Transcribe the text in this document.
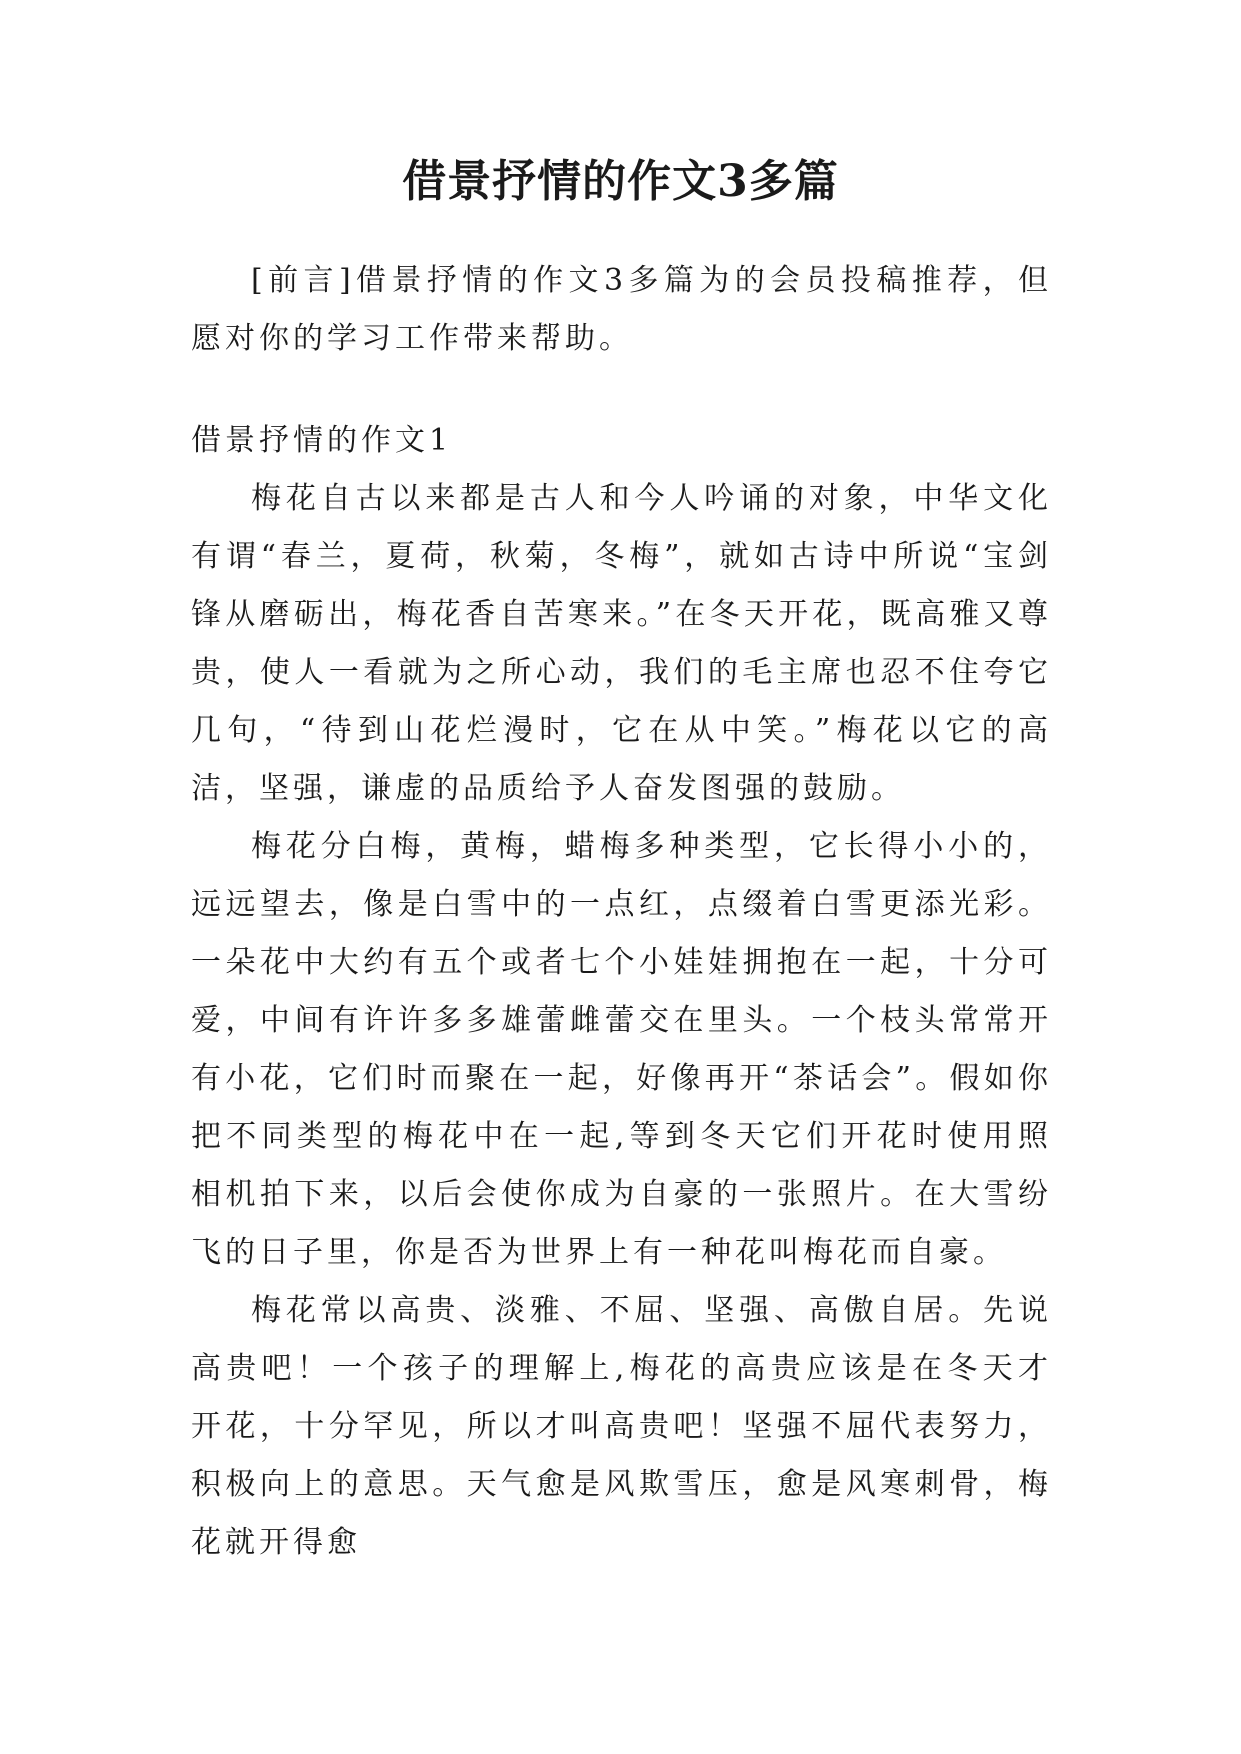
借景抒情的作文3多篇

[前言]借景抒情的作文3多篇为的会员投稿推荐，但愿对你的学习工作带来帮助。

借景抒情的作文1

梅花自古以来都是古人和今人吟诵的对象，中华文化有谓“春兰，夏荷，秋菊，冬梅”，就如古诗中所说“宝剑锋从磨砺出，梅花香自苦寒来。”在冬天开花，既高雅又尊贵，使人一看就为之所心动，我们的毛主席也忍不住夸它几句，“待到山花烂漫时，它在从中笑。”梅花以它的高洁，坚强，谦虚的品质给予人奋发图强的鼓励。

梅花分白梅，黄梅，蜡梅多种类型，它长得小小的，远远望去，像是白雪中的一点红，点缀着白雪更添光彩。一朵花中大约有五个或者七个小娃娃拥抱在一起，十分可爱，中间有许许多多雄蕾雌蕾交在里头。一个枝头常常开有小花，它们时而聚在一起，好像再开“茶话会”。假如你把不同类型的梅花中在一起,等到冬天它们开花时使用照相机拍下来，以后会使你成为自豪的一张照片。在大雪纷飞的日子里，你是否为世界上有一种花叫梅花而自豪。

梅花常以高贵、淡雅、不屈、坚强、高傲自居。先说高贵吧！一个孩子的理解上,梅花的高贵应该是在冬天才开花，十分罕见，所以才叫高贵吧！坚强不屈代表努力，积极向上的意思。天气愈是风欺雪压，愈是风寒刺骨，梅花就开得愈
